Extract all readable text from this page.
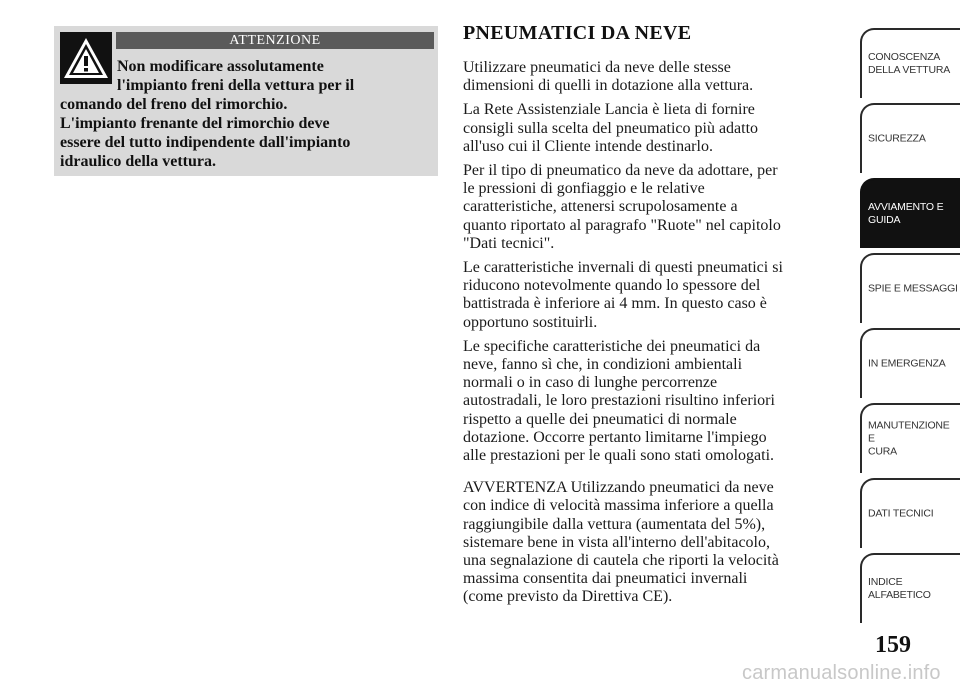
ATTENZIONE
Non modificare assolutamente
l'impianto freni della vettura per il
comando del freno del rimorchio.
L'impianto frenante del rimorchio deve
essere del tutto indipendente dall'impianto
idraulico della vettura.
PNEUMATICI DA NEVE

Utilizzare pneumatici da neve delle stesse
dimensioni di quelli in dotazione alla vettura.

La Rete Assistenziale Lancia è lieta di fornire
consigli sulla scelta del pneumatico più adatto
all'uso cui il Cliente intende destinarlo.

Per il tipo di pneumatico da neve da adottare, per
le pressioni di gonfiaggio e le relative
caratteristiche, attenersi scrupolosamente a
quanto riportato al paragrafo "Ruote" nel capitolo
"Dati tecnici".

Le caratteristiche invernali di questi pneumatici si
riducono notevolmente quando lo spessore del
battistrada è inferiore ai 4 mm. In questo caso è
opportuno sostituirli.

Le specifiche caratteristiche dei pneumatici da
neve, fanno sì che, in condizioni ambientali
normali o in caso di lunghe percorrenze
autostradali, le loro prestazioni risultino inferiori
rispetto a quelle dei pneumatici di normale
dotazione. Occorre pertanto limitarne l'impiego
alle prestazioni per le quali sono stati omologati.

AVVERTENZA Utilizzando pneumatici da neve
con indice di velocità massima inferiore a quella
raggiungibile dalla vettura (aumentata del 5%),
sistemare bene in vista all'interno dell'abitacolo,
una segnalazione di cautela che riporti la velocità
massima consentita dai pneumatici invernali
(come previsto da Direttiva CE).

CONOSCENZA
DELLA VETTURA
SICUREZZA
AVVIAMENTO E
GUIDA
SPIE E MESSAGGI
IN EMERGENZA
MANUTENZIONE E
CURA
DATI TECNICI
INDICE
ALFABETICO
159
carmanualsonline.info
